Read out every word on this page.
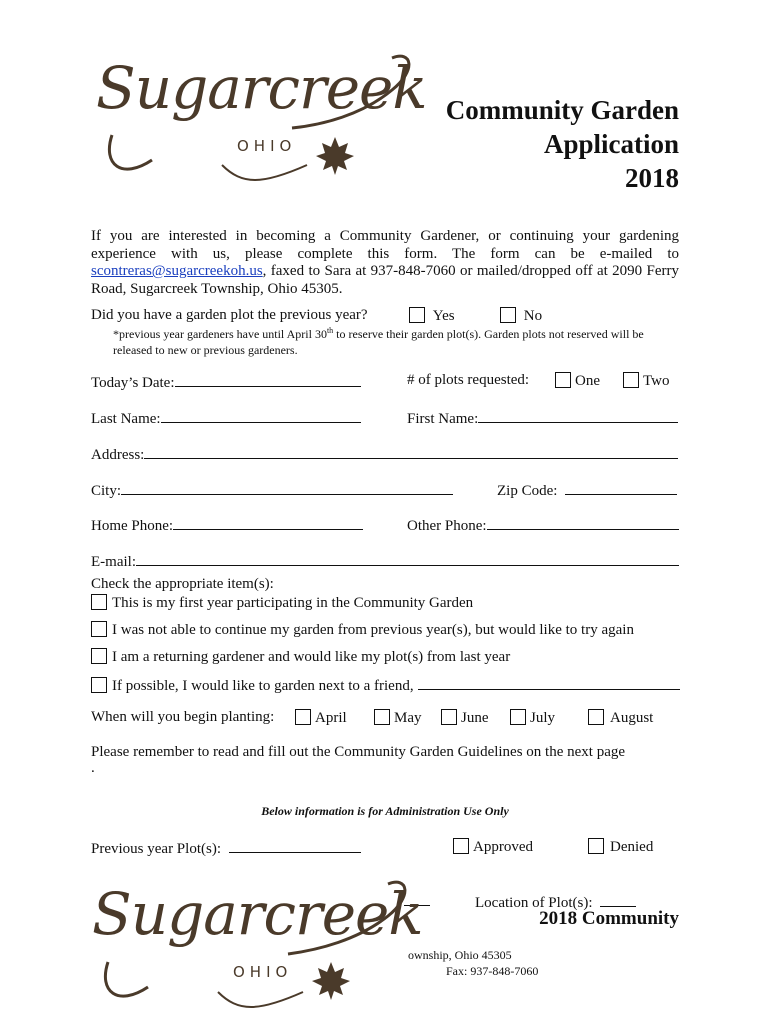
Sugarcreek
OHIO
Community Garden
Application
2018
If you are interested in becoming a Community Gardener, or continuing your gardening experience with us, please complete this form. The form can be e-mailed to scontreras@sugarcreekoh.us, faxed to Sara at 937-848-7060 or mailed/dropped off at 2090 Ferry Road, Sugarcreek Township, Ohio 45305.
Did you have a garden plot the previous year?	Yes	No
*previous year gardeners have until April 30th to reserve their garden plot(s). Garden plots not reserved will be released to new or previous gardeners.
Today’s Date:	# of plots requested:	One	Two
Last Name:	First Name:
Address:
City:	Zip Code:
Home Phone:	Other Phone:
E-mail:
Check the appropriate item(s):
This is my first year participating in the Community Garden
I was not able to continue my garden from previous year(s), but would like to try again
I am a returning gardener and would like my plot(s) from last year
If possible, I would like to garden next to a friend,
When will you begin planting:	April	May	June	July	August
Please remember to read and fill out the Community Garden Guidelines on the next page
.
Below information is for Administration Use Only
Previous year Plot(s):	Approved	Denied
Location of Plot(s):
2018 Community
ownship, Ohio 45305
Fax: 937-848-7060
Sugarcreek
OHIO
